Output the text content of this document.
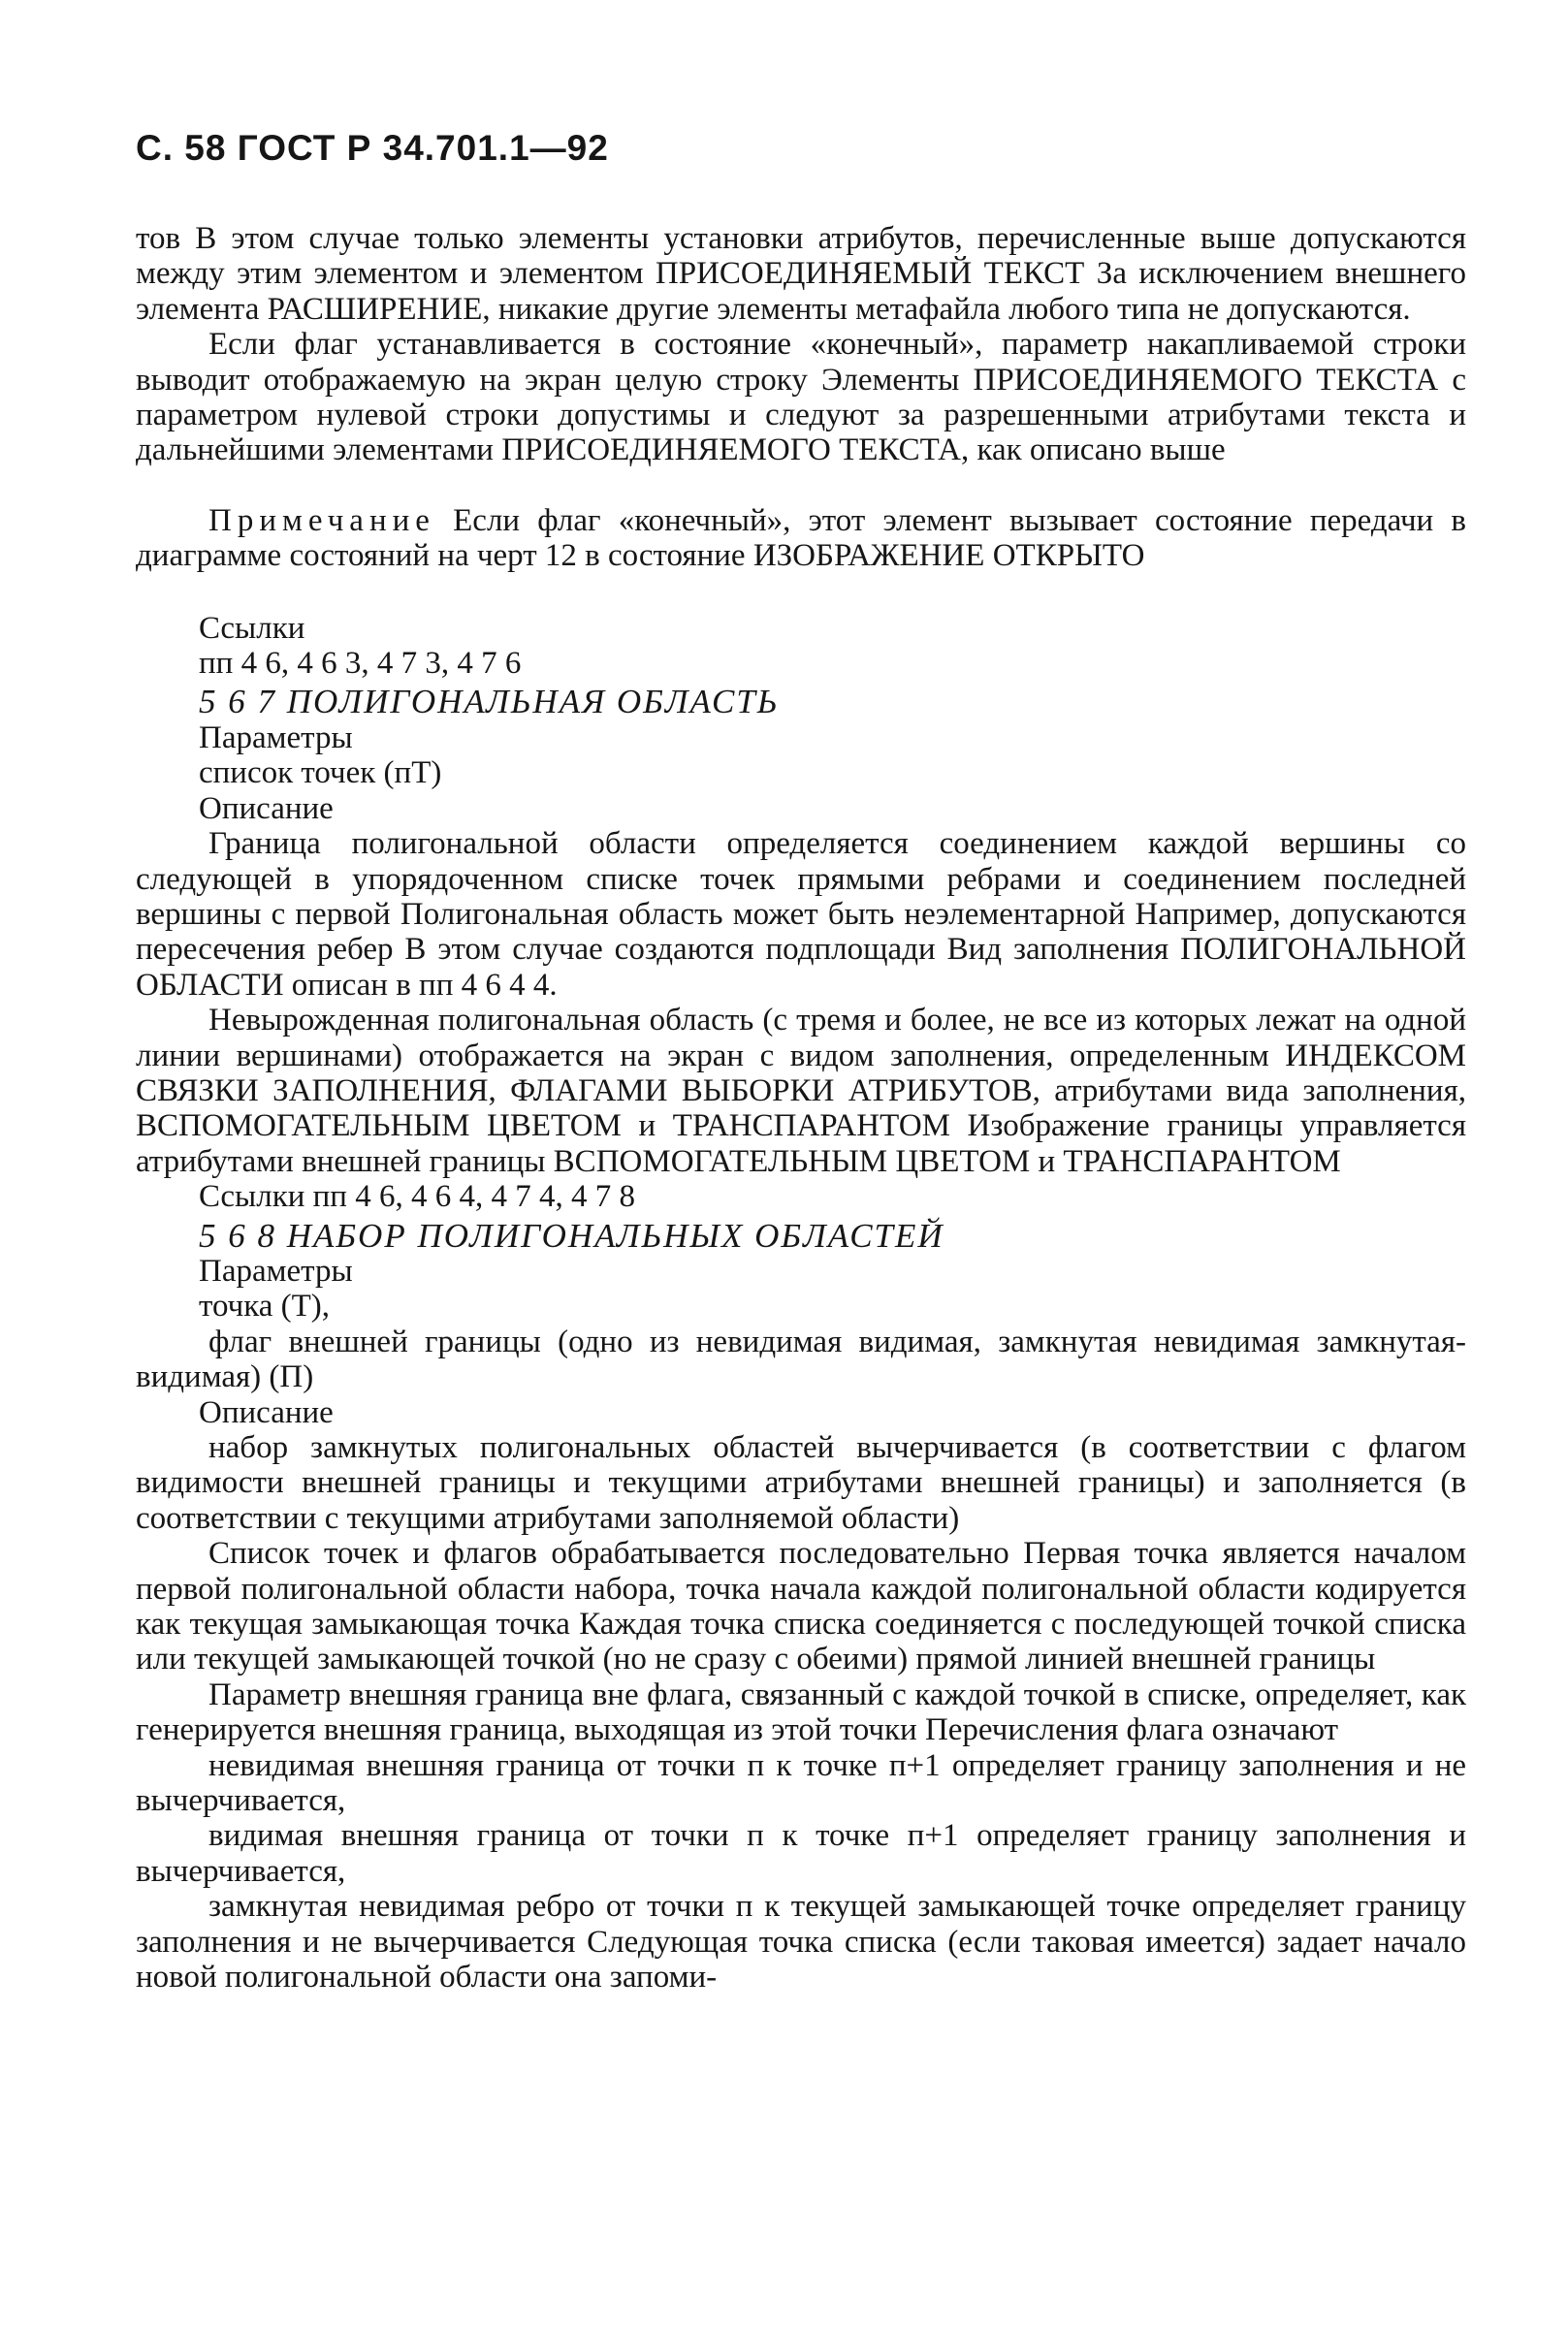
С. 58 ГОСТ Р 34.701.1—92

тов В этом случае только элементы установки атрибутов, перечисленные выше допускаются между этим элементом и элементом ПРИСОЕДИНЯЕМЫЙ ТЕКСТ За исключением внешнего элемента РАСШИРЕНИЕ, никакие другие элементы метафайла любого типа не допускаются.

Если флаг устанавливается в состояние «конечный», параметр накапливаемой строки выводит отображаемую на экран целую строку Элементы ПРИСОЕДИНЯЕМОГО ТЕКСТА с параметром нулевой строки допустимы и следуют за разрешенными атрибутами текста и дальнейшими элементами ПРИСОЕДИНЯЕМОГО ТЕКСТА, как описано выше

Примечание Если флаг «конечный», этот элемент вызывает состояние передачи в диаграмме состояний на черт 12 в состояние ИЗОБРАЖЕНИЕ ОТКРЫТО

Ссылки

пп 4 6, 4 6 3, 4 7 3, 4 7 6

5 6 7 ПОЛИГОНАЛЬНАЯ ОБЛАСТЬ

Параметры

список точек (пТ)

Описание

Граница полигональной области определяется соединением каждой вершины со следующей в упорядоченном списке точек прямыми ребрами и соединением последней вершины с первой Полигональная область может быть неэлементарной Например, допускаются пересечения ребер В этом случае создаются подплощади Вид заполнения ПОЛИГОНАЛЬНОЙ ОБЛАСТИ описан в пп 4 6 4 4.

Невырожденная полигональная область (с тремя и более, не все из которых лежат на одной линии вершинами) отображается на экран с видом заполнения, определенным ИНДЕКСОМ СВЯЗКИ ЗАПОЛНЕНИЯ, ФЛАГАМИ ВЫБОРКИ АТРИБУТОВ, атрибутами вида заполнения, ВСПОМОГАТЕЛЬНЫМ ЦВЕТОМ и ТРАНСПАРАНТОМ Изображение границы управляется атрибутами внешней границы ВСПОМОГАТЕЛЬНЫМ ЦВЕТОМ и ТРАНСПАРАНТОМ

Ссылки пп 4 6, 4 6 4, 4 7 4, 4 7 8

5 6 8 НАБОР ПОЛИГОНАЛЬНЫХ ОБЛАСТЕЙ

Параметры

точка (Т),

флаг внешней границы (одно из невидимая видимая, замкнутая невидимая замкнутая-видимая) (П)

Описание

набор замкнутых полигональных областей вычерчивается (в соответствии с флагом видимости внешней границы и текущими атрибутами внешней границы) и заполняется (в соответствии с текущими атрибутами заполняемой области)

Список точек и флагов обрабатывается последовательно Первая точка является началом первой полигональной области набора, точка начала каждой полигональной области кодируется как текущая замыкающая точка Каждая точка списка соединяется с последующей точкой списка или текущей замыкающей точкой (но не сразу с обеими) прямой линией внешней границы

Параметр внешняя граница вне флага, связанный с каждой точкой в списке, определяет, как генерируется внешняя граница, выходящая из этой точки Перечисления флага означают

невидимая внешняя граница от точки п к точке п+1 определяет границу заполнения и не вычерчивается,

видимая внешняя граница от точки п к точке п+1 определяет границу заполнения и вычерчивается,

замкнутая невидимая ребро от точки п к текущей замыкающей точке определяет границу заполнения и не вычерчивается Следующая точка списка (если таковая имеется) задает начало новой полигональной области она запоми-
